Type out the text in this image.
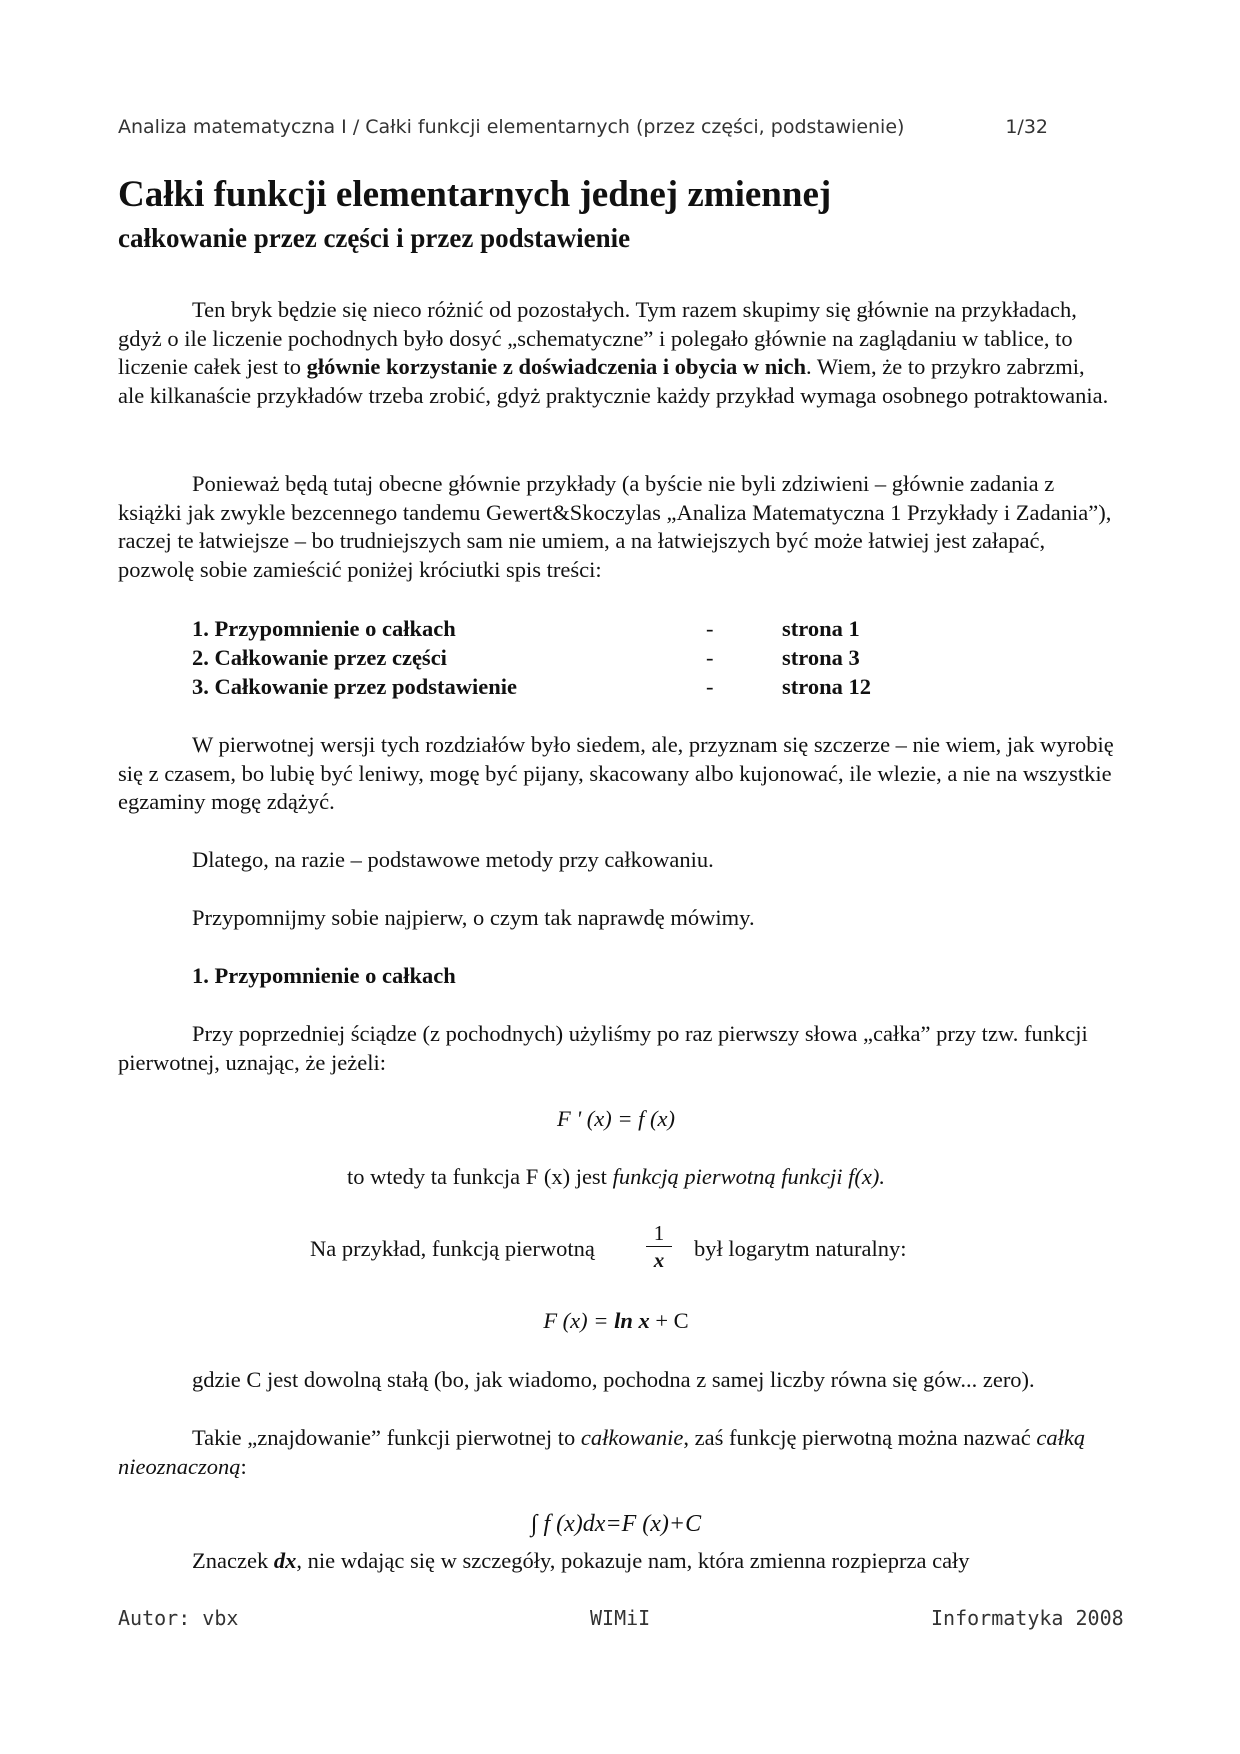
Analiza matematyczna I / Całki funkcji elementarnych (przez części, podstawienie)	1/32
Całki funkcji elementarnych jednej zmiennej
całkowanie przez części i przez podstawienie

Ten bryk będzie się nieco różnić od pozostałych. Tym razem skupimy się głównie na przykładach, gdyż o ile liczenie pochodnych było dosyć „schematyczne” i polegało głównie na zaglądaniu w tablice, to liczenie całek jest to głównie korzystanie z doświadczenia i obycia w nich. Wiem, że to przykro zabrzmi, ale kilkanaście przykładów trzeba zrobić, gdyż praktycznie każdy przykład wymaga osobnego potraktowania.

Ponieważ będą tutaj obecne głównie przykłady (a byście nie byli zdziwieni – głównie zadania z książki jak zwykle bezcennego tandemu Gewert&Skoczylas „Analiza Matematyczna 1 Przykłady i Zadania”), raczej te łatwiejsze – bo trudniejszych sam nie umiem, a na łatwiejszych być może łatwiej jest załapać, pozwolę sobie zamieścić poniżej króciutki spis treści:

1. Przypomnienie o całkach	-	strona 1
2. Całkowanie przez części	-	strona 3
3. Całkowanie przez podstawienie	-	strona 12

W pierwotnej wersji tych rozdziałów było siedem, ale, przyznam się szczerze – nie wiem, jak wyrobię się z czasem, bo lubię być leniwy, mogę być pijany, skacowany albo kujonować, ile wlezie, a nie na wszystkie egzaminy mogę zdążyć.

Dlatego, na razie – podstawowe metody przy całkowaniu.

Przypomnijmy sobie najpierw, o czym tak naprawdę mówimy.

1. Przypomnienie o całkach

Przy poprzedniej ściądze (z pochodnych) użyliśmy po raz pierwszy słowa „całka” przy tzw. funkcji pierwotnej, uznając, że jeżeli:

F ' (x) = f (x)
to wtedy ta funkcja F (x) jest funkcją pierwotną funkcji f(x).
Na przykład, funkcją pierwotną
1
x	był logarytm naturalny:
F (x) = ln x + C

gdzie C jest dowolną stałą (bo, jak wiadomo, pochodna z samej liczby równa się gów... zero).

Takie „znajdowanie” funkcji pierwotnej to całkowanie, zaś funkcję pierwotną można nazwać całką nieoznaczoną:

∫ f (x)dx=F (x)+C

Znaczek dx, nie wdając się w szczegóły, pokazuje nam, która zmienna rozpieprza cały

Autor: vbx	WIMiI	Informatyka 2008
